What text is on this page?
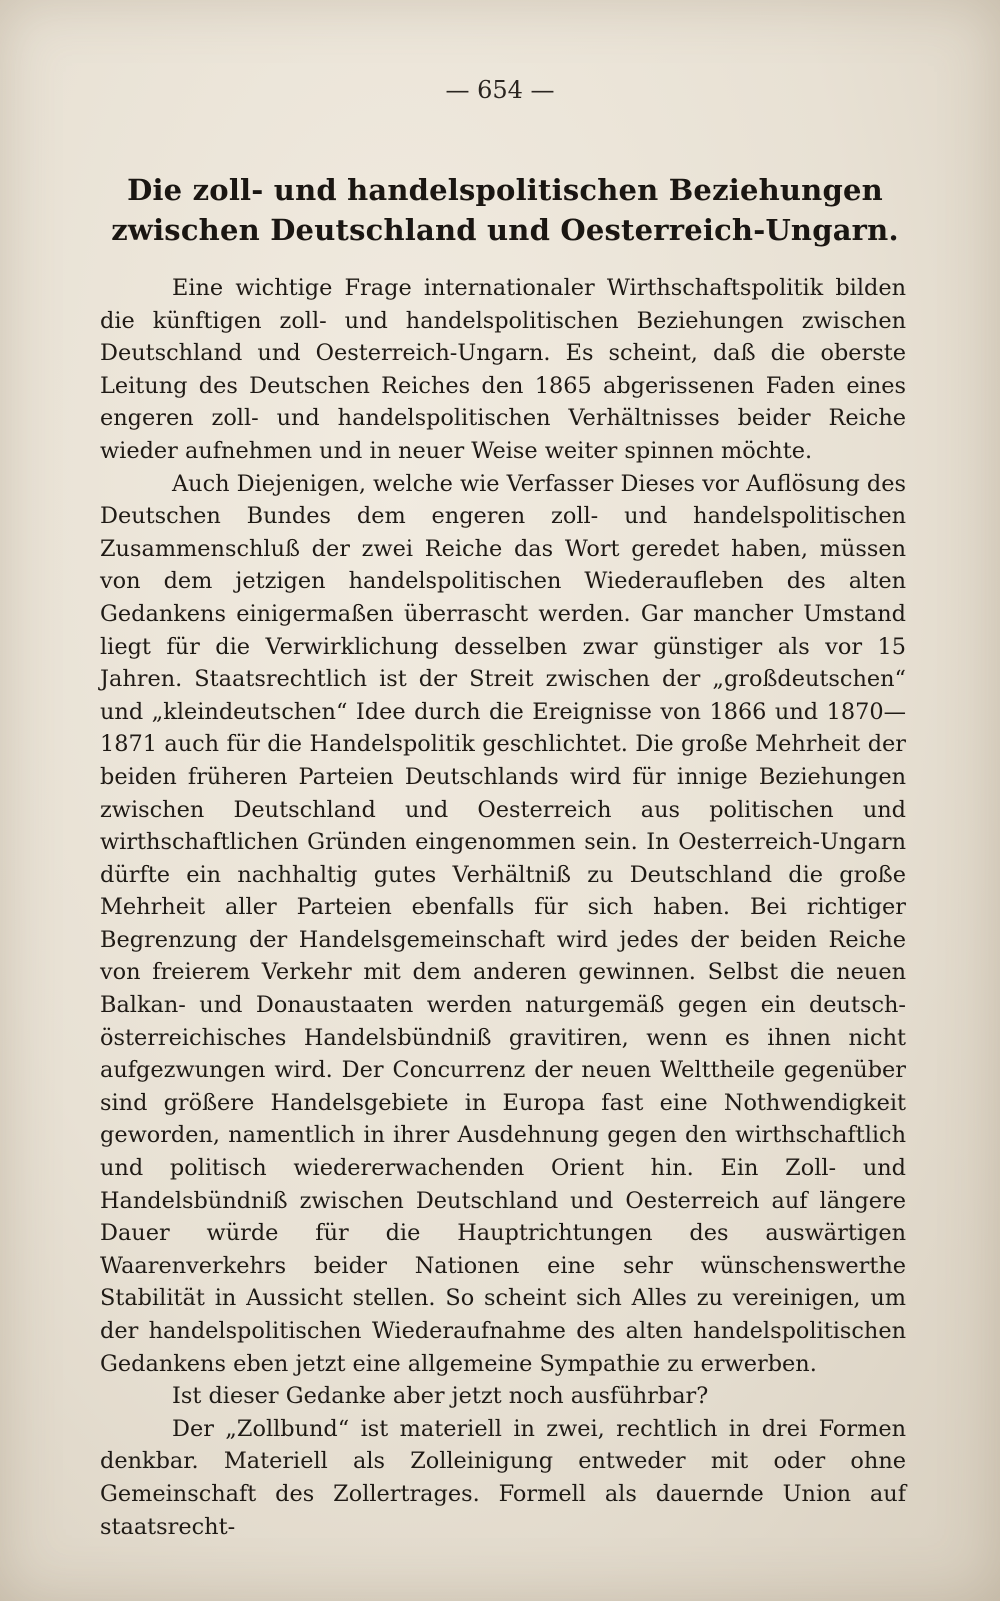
— 654 —
Die zoll- und handelspolitischen Beziehungen zwischen Deutschland und Oesterreich-Ungarn.

Eine wichtige Frage internationaler Wirthschaftspolitik bilden die künftigen zoll- und handelspolitischen Beziehungen zwischen Deutschland und Oesterreich-Ungarn. Es scheint, daß die oberste Leitung des Deutschen Reiches den 1865 abgerissenen Faden eines engeren zoll- und handelspolitischen Verhältnisses beider Reiche wieder aufnehmen und in neuer Weise weiter spinnen möchte.

Auch Diejenigen, welche wie Verfasser Dieses vor Auflösung des Deutschen Bundes dem engeren zoll- und handelspolitischen Zusammenschluß der zwei Reiche das Wort geredet haben, müssen von dem jetzigen handelspolitischen Wiederaufleben des alten Gedankens einigermaßen überrascht werden. Gar mancher Umstand liegt für die Verwirklichung desselben zwar günstiger als vor 15 Jahren. Staatsrechtlich ist der Streit zwischen der „großdeutschen“ und „kleindeutschen“ Idee durch die Ereignisse von 1866 und 1870—1871 auch für die Handelspolitik geschlichtet. Die große Mehrheit der beiden früheren Parteien Deutschlands wird für innige Beziehungen zwischen Deutschland und Oesterreich aus politischen und wirthschaftlichen Gründen eingenommen sein. In Oesterreich-Ungarn dürfte ein nachhaltig gutes Verhältniß zu Deutschland die große Mehrheit aller Parteien ebenfalls für sich haben. Bei richtiger Begrenzung der Handelsgemeinschaft wird jedes der beiden Reiche von freierem Verkehr mit dem anderen gewinnen. Selbst die neuen Balkan- und Donaustaaten werden naturgemäß gegen ein deutsch-österreichisches Handelsbündniß gravitiren, wenn es ihnen nicht aufgezwungen wird. Der Concurrenz der neuen Welttheile gegenüber sind größere Handelsgebiete in Europa fast eine Nothwendigkeit geworden, namentlich in ihrer Ausdehnung gegen den wirthschaftlich und politisch wiedererwachenden Orient hin. Ein Zoll- und Handelsbündniß zwischen Deutschland und Oesterreich auf längere Dauer würde für die Hauptrichtungen des auswärtigen Waarenverkehrs beider Nationen eine sehr wünschenswerthe Stabilität in Aussicht stellen. So scheint sich Alles zu vereinigen, um der handelspolitischen Wiederaufnahme des alten handelspolitischen Gedankens eben jetzt eine allgemeine Sympathie zu erwerben.

Ist dieser Gedanke aber jetzt noch ausführbar?

Der „Zollbund“ ist materiell in zwei, rechtlich in drei Formen denkbar. Materiell als Zolleinigung entweder mit oder ohne Gemeinschaft des Zollertrages. Formell als dauernde Union auf staatsrecht-
